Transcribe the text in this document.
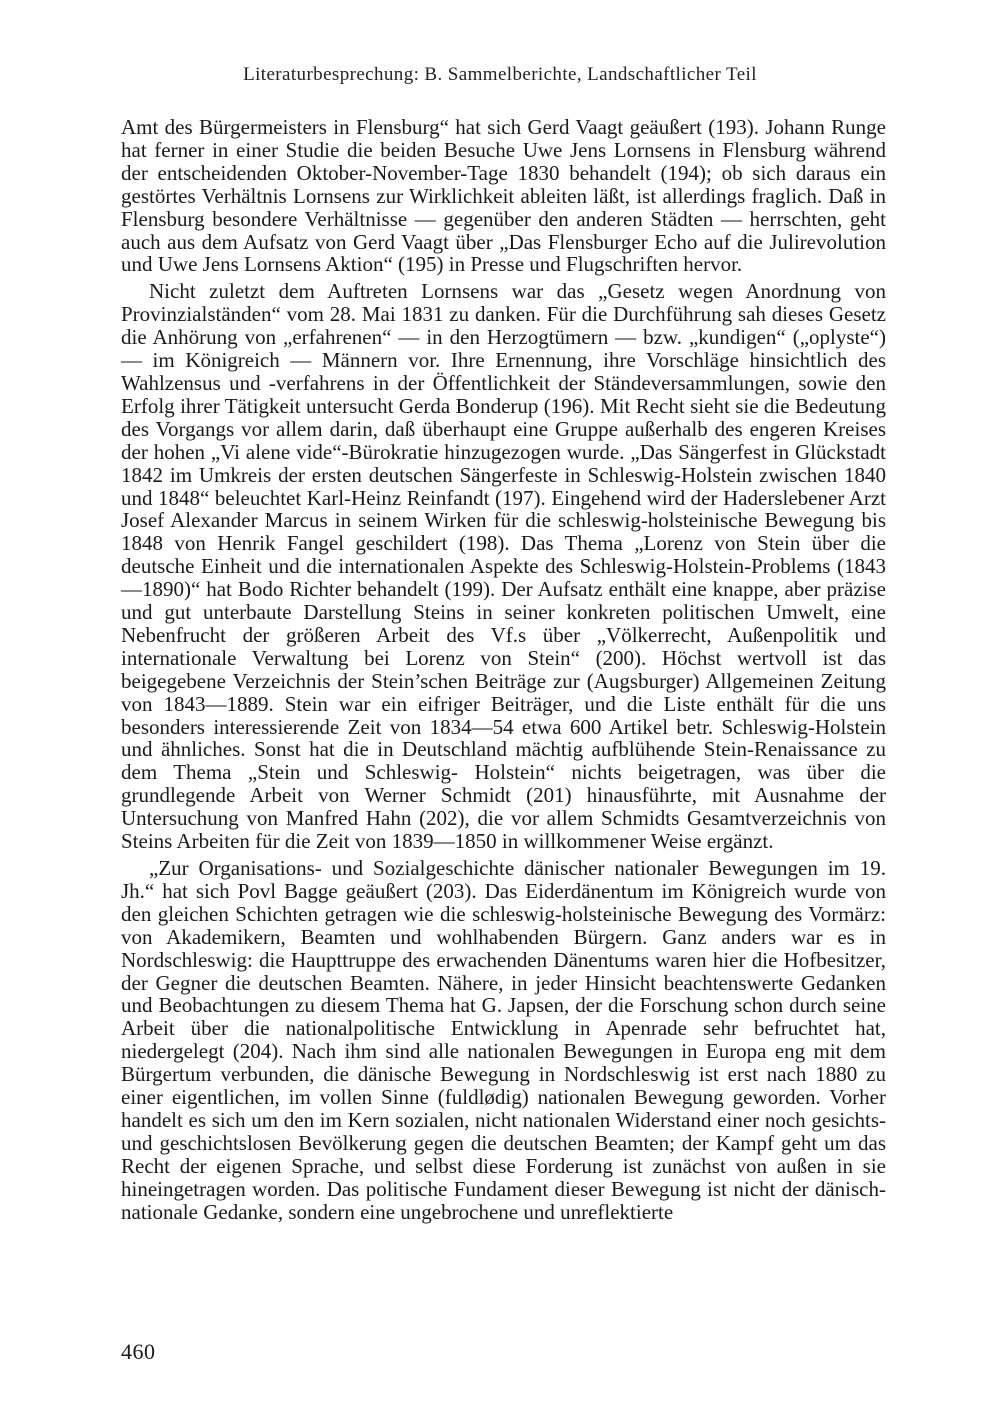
Literaturbesprechung: B. Sammelberichte, Landschaftlicher Teil

Amt des Bürgermeisters in Flensburg“ hat sich Gerd Vaagt geäußert (193). Johann Runge hat ferner in einer Studie die beiden Besuche Uwe Jens Lornsens in Flensburg während der entscheidenden Oktober-November-Tage 1830 behandelt (194); ob sich daraus ein gestörtes Verhältnis Lornsens zur Wirklichkeit ableiten läßt, ist allerdings fraglich. Daß in Flensburg besondere Verhältnisse — gegenüber den anderen Städten — herrschten, geht auch aus dem Aufsatz von Gerd Vaagt über „Das Flensburger Echo auf die Julirevolution und Uwe Jens Lornsens Aktion“ (195) in Presse und Flugschriften hervor.

Nicht zuletzt dem Auftreten Lornsens war das „Gesetz wegen Anordnung von Provinzialständen“ vom 28. Mai 1831 zu danken. Für die Durchführung sah dieses Gesetz die Anhörung von „erfahrenen“ — in den Herzogtümern — bzw. „kundigen“ („oplyste“) — im Königreich — Männern vor. Ihre Ernennung, ihre Vorschläge hinsichtlich des Wahlzensus und -verfahrens in der Öffentlichkeit der Ständeversammlungen, sowie den Erfolg ihrer Tätigkeit untersucht Gerda Bonderup (196). Mit Recht sieht sie die Bedeutung des Vorgangs vor allem darin, daß überhaupt eine Gruppe außerhalb des engeren Kreises der hohen „Vi alene vide“-Bürokratie hinzugezogen wurde. „Das Sängerfest in Glückstadt 1842 im Umkreis der ersten deutschen Sängerfeste in Schleswig-Holstein zwischen 1840 und 1848“ beleuchtet Karl-Heinz Reinfandt (197). Eingehend wird der Haderslebener Arzt Josef Alexander Marcus in seinem Wirken für die schleswig-holsteinische Bewegung bis 1848 von Henrik Fangel geschildert (198). Das Thema „Lorenz von Stein über die deutsche Einheit und die internationalen Aspekte des Schleswig-Holstein-Problems (1843—1890)“ hat Bodo Richter behandelt (199). Der Aufsatz enthält eine knappe, aber präzise und gut unterbaute Darstellung Steins in seiner konkreten politischen Umwelt, eine Nebenfrucht der größeren Arbeit des Vf.s über „Völkerrecht, Außenpolitik und internationale Verwaltung bei Lorenz von Stein“ (200). Höchst wertvoll ist das beigegebene Verzeichnis der Stein’schen Beiträge zur (Augsburger) Allgemeinen Zeitung von 1843—1889. Stein war ein eifriger Beiträger, und die Liste enthält für die uns besonders interessierende Zeit von 1834—54 etwa 600 Artikel betr. Schleswig-Holstein und ähnliches. Sonst hat die in Deutschland mächtig aufblühende Stein-Renaissance zu dem Thema „Stein und Schleswig- Holstein“ nichts beigetragen, was über die grundlegende Arbeit von Werner Schmidt (201) hinausführte, mit Ausnahme der Untersuchung von Manfred Hahn (202), die vor allem Schmidts Gesamtverzeichnis von Steins Arbeiten für die Zeit von 1839—1850 in willkommener Weise ergänzt.

„Zur Organisations- und Sozialgeschichte dänischer nationaler Bewegungen im 19. Jh.“ hat sich Povl Bagge geäußert (203). Das Eiderdänentum im Königreich wurde von den gleichen Schichten getragen wie die schleswig-holsteinische Bewegung des Vormärz: von Akademikern, Beamten und wohlhabenden Bürgern. Ganz anders war es in Nordschleswig: die Haupttruppe des erwachenden Dänentums waren hier die Hofbesitzer, der Gegner die deutschen Beamten. Nähere, in jeder Hinsicht beachtenswerte Gedanken und Beobachtungen zu diesem Thema hat G. Japsen, der die Forschung schon durch seine Arbeit über die nationalpolitische Entwicklung in Apenrade sehr befruchtet hat, niedergelegt (204). Nach ihm sind alle nationalen Bewegungen in Europa eng mit dem Bürgertum verbunden, die dänische Bewegung in Nordschleswig ist erst nach 1880 zu einer eigentlichen, im vollen Sinne (fuldlødig) nationalen Bewegung geworden. Vorher handelt es sich um den im Kern sozialen, nicht nationalen Widerstand einer noch gesichts- und geschichtslosen Bevölkerung gegen die deutschen Beamten; der Kampf geht um das Recht der eigenen Sprache, und selbst diese Forderung ist zunächst von außen in sie hineingetragen worden. Das politische Fundament dieser Bewegung ist nicht der dänisch-nationale Gedanke, sondern eine ungebrochene und unreflektierte

460
